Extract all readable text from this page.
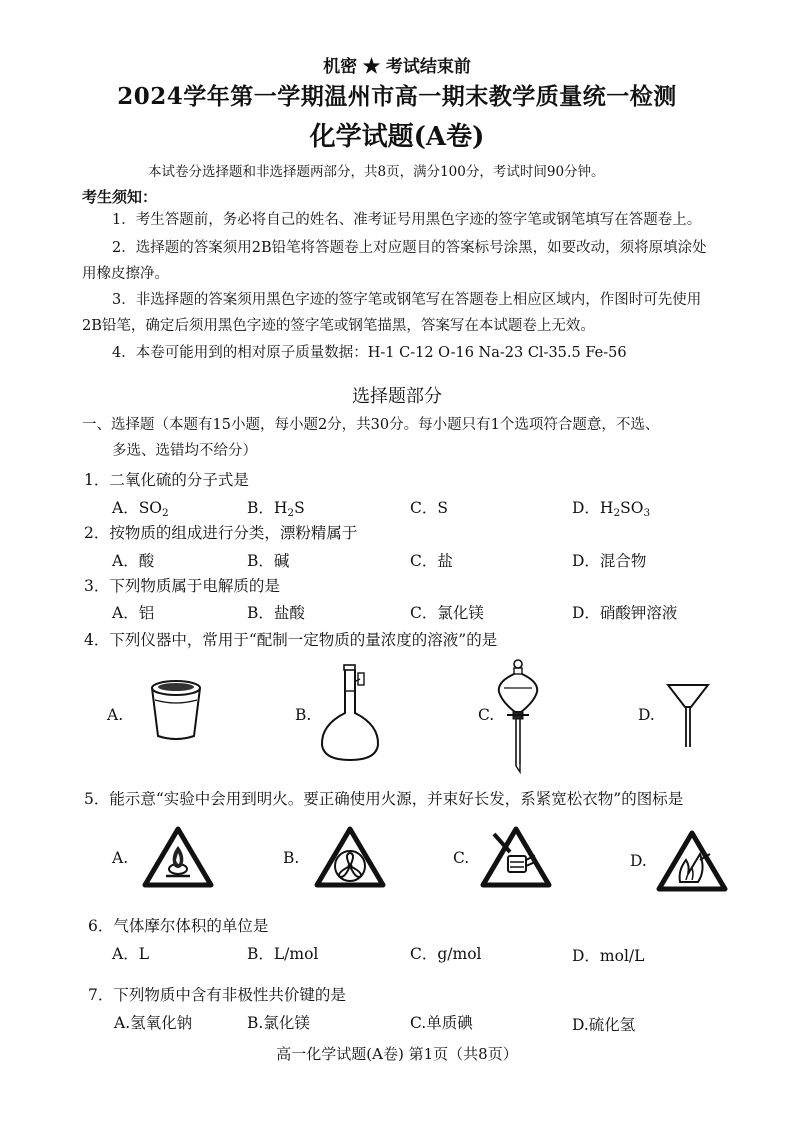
机密 ★ 考试结束前
2024学年第一学期温州市高一期末教学质量统一检测
化学试题(A卷)
本试卷分选择题和非选择题两部分，共8页，满分100分，考试时间90分钟。
考生须知：
1．考生答题前，务必将自己的姓名、准考证号用黑色字迹的签字笔或钢笔填写在答题卷上。
2．选择题的答案须用2B铅笔将答题卷上对应题目的答案标号涂黑，如要改动，须将原填涂处
用橡皮擦净。
3．非选择题的答案须用黑色字迹的签字笔或钢笔写在答题卷上相应区域内，作图时可先使用
2B铅笔，确定后须用黑色字迹的签字笔或钢笔描黑，答案写在本试题卷上无效。
4．本卷可能用到的相对原子质量数据：H-1 C-12 O-16 Na-23 Cl-35.5 Fe-56
选择题部分
一、选择题（本题有15小题，每小题2分，共30分。每小题只有1个选项符合题意，不选、
多选、选错均不给分）
1．二氧化硫的分子式是
A．$SO_2$	B．$H_2S$	C．S	D．$H_2SO_3$
2．按物质的组成进行分类，漂粉精属于
A．酸	B．碱	C．盐	D．混合物
3．下列物质属于电解质的是
A．铝	B．盐酸	C．氯化镁	D．硝酸钾溶液
4．下列仪器中，常用于“配制一定物质的量浓度的溶液”的是
A.	B.	C.	D.
5．能示意“实验中会用到明火。要正确使用火源，并束好长发，系紧宽松衣物”的图标是
A.	B.	C.	D.
6．气体摩尔体积的单位是
A．L	B．L/mol	C．g/mol	D．mol/L
7．下列物质中含有非极性共价键的是
A.氢氧化钠	B.氯化镁	C.单质碘	D.硫化氢
高一化学试题(A卷) 第1页（共8页）
